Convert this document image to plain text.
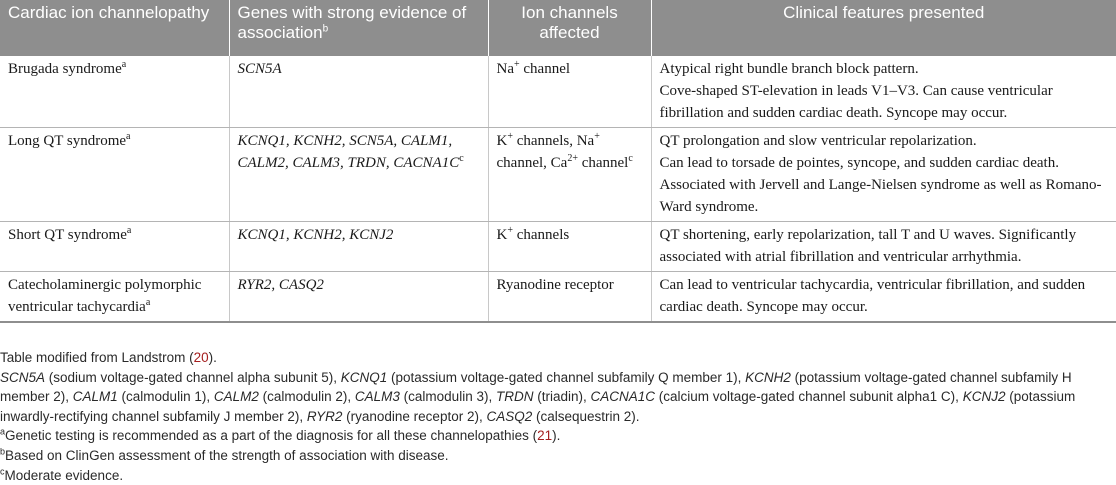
Cardiac ion channelopathy	Genes with strong evidence of association$^b$	Ion channels affected	Clinical features presented
Brugada syndrome$^a$	SCN5A	Na+ channel	Atypical right bundle branch block pattern.
Cove-shaped ST-elevation in leads V1–V3. Can cause ventricular fibrillation and sudden cardiac death. Syncope may occur.

Long QT syndrome$^a$	KCNQ1, KCNH2, SCN5A, CALM1, CALM2, CALM3, TRDN, $CACNA1C^c$	K+ channels, Na+ channel, $Ca^{2+}$ channel$^c$	QT prolongation and slow ventricular repolarization.
Can lead to torsade de pointes, syncope, and sudden cardiac death.
Associated with Jervell and Lange-Nielsen syndrome as well as Romano-Ward syndrome.

Short QT syndrome$^a$	KCNQ1, KCNH2, KCNJ2	K+ channels	QT shortening, early repolarization, tall T and U waves. Significantly associated with atrial fibrillation and ventricular arrhythmia.

Catecholaminergic polymorphic ventricular tachycardia$^a$	RYR2, CASQ2	Ryanodine receptor	Can lead to ventricular tachycardia, ventricular fibrillation, and sudden cardiac death. Syncope may occur.

Table modified from Landstrom (20).

SCN5A (sodium voltage-gated channel alpha subunit 5), KCNQ1 (potassium voltage-gated channel subfamily Q member 1), KCNH2 (potassium voltage-gated channel subfamily H member 2), CALM1 (calmodulin 1), CALM2 (calmodulin 2), CALM3 (calmodulin 3), TRDN (triadin), CACNA1C (calcium voltage-gated channel subunit alpha1 C), KCNJ2 (potassium inwardly-rectifying channel subfamily J member 2), RYR2 (ryanodine receptor 2), CASQ2 (calsequestrin 2).

$^a$Genetic testing is recommended as a part of the diagnosis for all these channelopathies (21).

$^b$Based on ClinGen assessment of the strength of association with disease.

$^c$Moderate evidence.
